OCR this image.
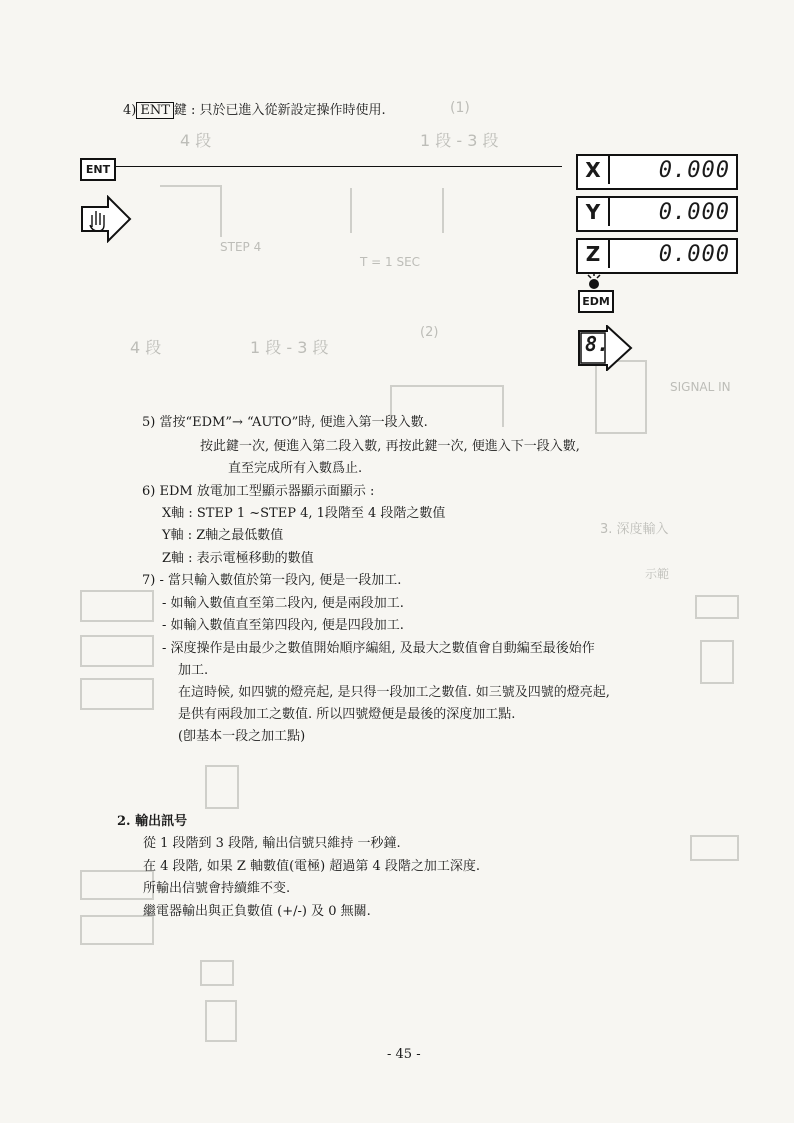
(1)
1 段 - 3 段
4 段
T = 1 SEC
STEP 4
(2)
1 段 - 3 段
4 段
SIGNAL IN
3. 深度輸入
示範
4) ENT 鍵 : 只於已進入從新設定操作時使用.
ENT	X	0.000
Y	0.000
Z	0.000
EDM
8.
5) 當按“EDM”→ “AUTO”時, 便進入第一段入數.
按此鍵一次, 便進入第二段入數, 再按此鍵一次, 便進入下一段入數,
直至完成所有入數爲止.
6) EDM 放電加工型顯示器顯示面顯示 :
X軸 : STEP 1 ~STEP 4, 1段階至 4 段階之數值
Y軸 : Z軸之最低數值
Z軸 : 表示電極移動的數值
7) - 當只輸入數值於第一段內, 便是一段加工.
- 如輸入數值直至第二段內, 便是兩段加工.
- 如輸入數值直至第四段內, 便是四段加工.
- 深度操作是由最少之數值開始順序編組, 及最大之數值會自動編至最後始作
加工.
在這時候, 如四號的燈亮起, 是只得一段加工之數值. 如三號及四號的燈亮起,
是供有兩段加工之數值. 所以四號燈便是最後的深度加工點.
(卽基本一段之加工點)
2. 輸出訊号
從 1 段階到 3 段階, 輸出信號只維持 一秒鐘.
在 4 段階, 如果 Z 軸數值(電極) 超過第 4 段階之加工深度.
所輸出信號會持續維不变.
繼電器輸出與正負數值 (+/-) 及 0 無關.
- 45 -
